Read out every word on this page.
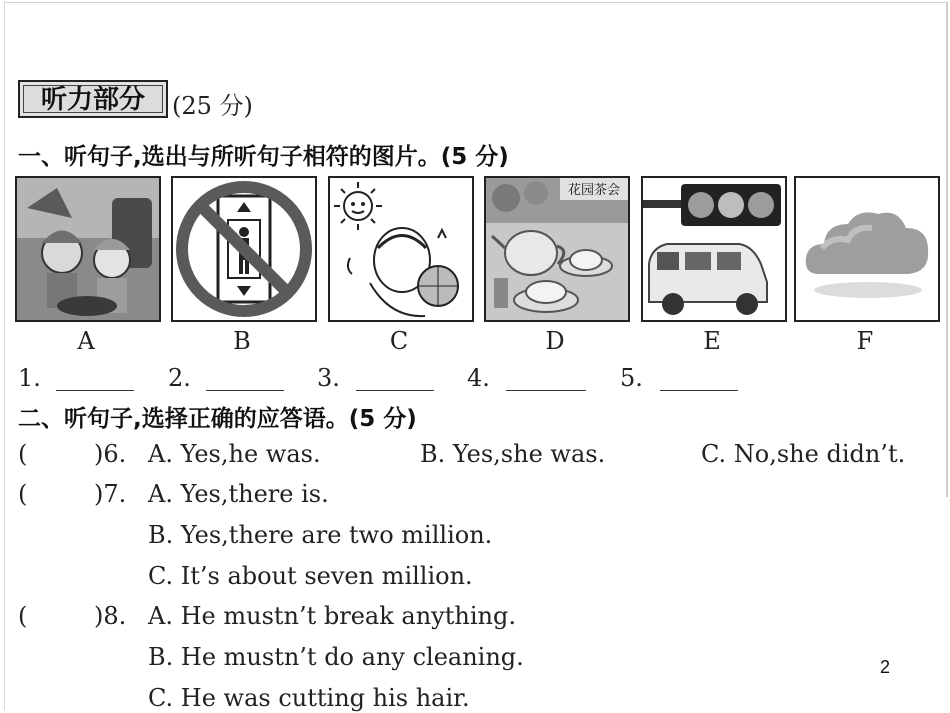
听力部分	(25 分)
一、听句子,选出与所听句子相符的图片。(5 分)
A	B	C
花园茶会
D	E	F
1.	2.	3.	4.	5.
二、听句子,选择正确的应答语。(5 分)
(	)6. A. Yes,he was.	B. Yes,she was.	C. No,she didn’t.
(	)7. A. Yes,there is.
B. Yes,there are two million.
C. It’s about seven million.
(	)8. A. He mustn’t break anything.
B. He mustn’t do any cleaning.
C. He was cutting his hair.
2
